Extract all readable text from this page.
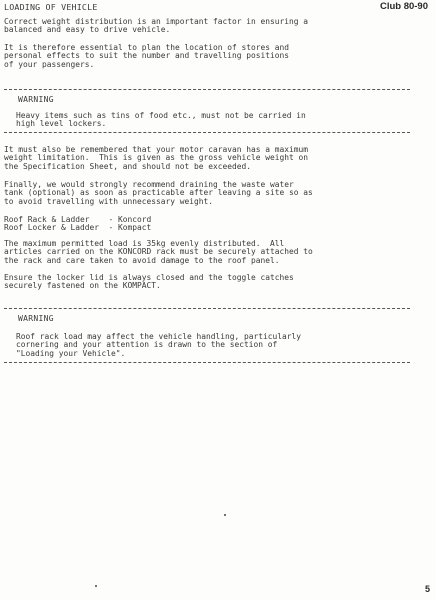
LOADING OF VEHICLE	Club 80-90
Correct weight distribution is an important factor in ensuring a
balanced and easy to drive vehicle.
It is therefore essential to plan the location of stores and
personal effects to suit the number and travelling positions
of your passengers.
WARNING
Heavy items such as tins of food etc., must not be carried in
high level lockers.
It must also be remembered that your motor caravan has a maximum
weight limitation.  This is given as the gross vehicle weight on
the Specification Sheet, and should not be exceeded.
Finally, we would strongly recommend draining the waste water
tank (optional) as soon as practicable after leaving a site so as
to avoid travelling with unnecessary weight.
Roof Rack & Ladder    - Koncord
Roof Locker & Ladder  - Kompact
The maximum permitted load is 35kg evenly distributed.  All
articles carried on the KONCORD rack must be securely attached to
the rack and care taken to avoid damage to the roof panel.
Ensure the locker lid is always closed and the toggle catches
securely fastened on the KOMPACT.
WARNING
Roof rack load may affect the vehicle handling, particularly
cornering and your attention is drawn to the section of
"Loading your Vehicle".
5
